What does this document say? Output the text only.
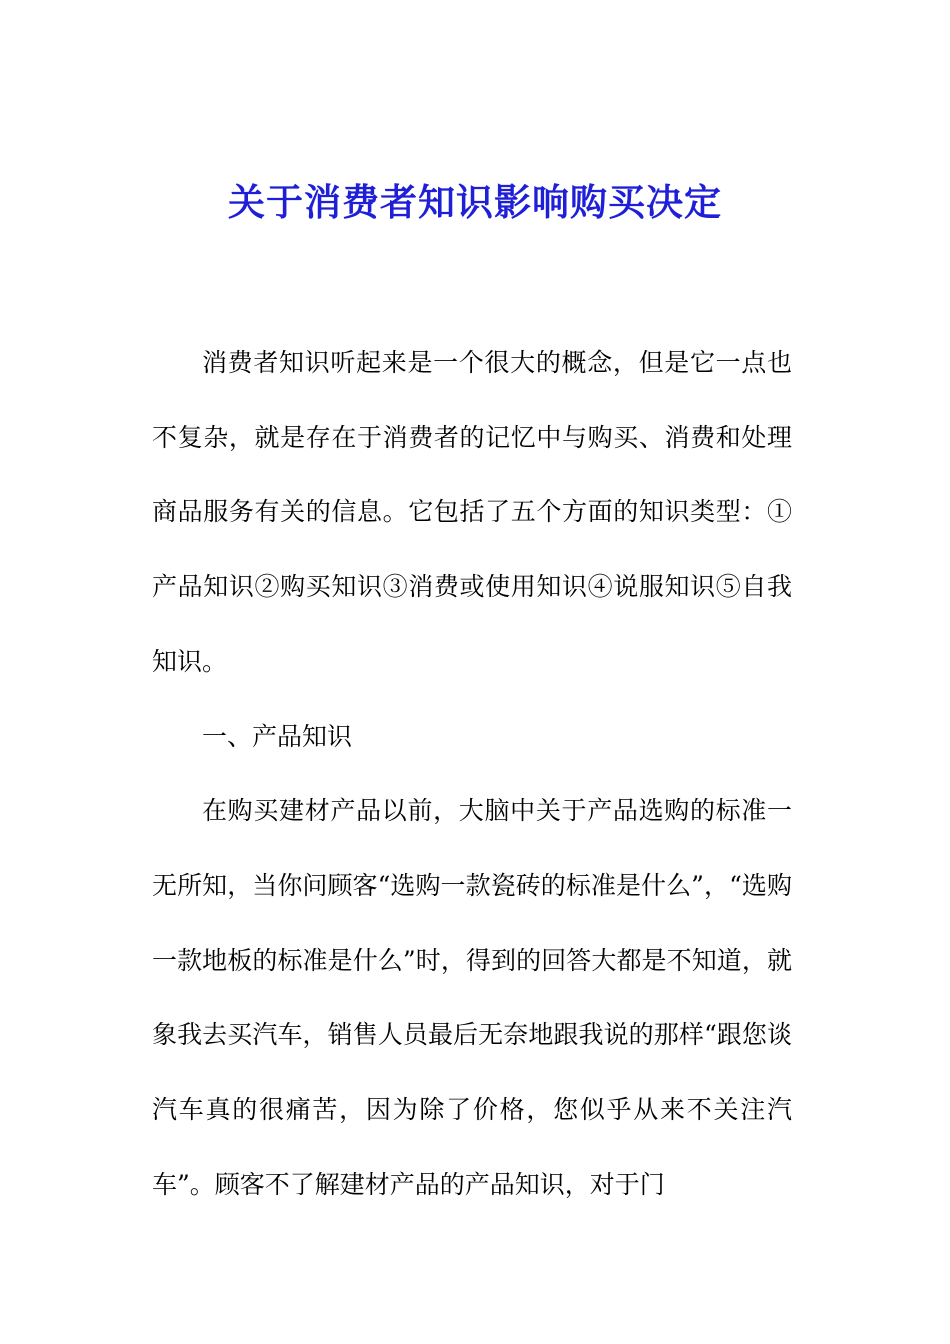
关于消费者知识影响购买决定

消费者知识听起来是一个很大的概念，但是它一点也不复杂，就是存在于消费者的记忆中与购买、消费和处理商品服务有关的信息。它包括了五个方面的知识类型：①产品知识②购买知识③消费或使用知识④说服知识⑤自我知识。

一、产品知识

在购买建材产品以前，大脑中关于产品选购的标准一无所知，当你问顾客“选购一款瓷砖的标准是什么”，“选购一款地板的标准是什么”时，得到的回答大都是不知道，就象我去买汽车，销售人员最后无奈地跟我说的那样“跟您谈汽车真的很痛苦，因为除了价格，您似乎从来不关注汽车”。顾客不了解建材产品的产品知识，对于门
